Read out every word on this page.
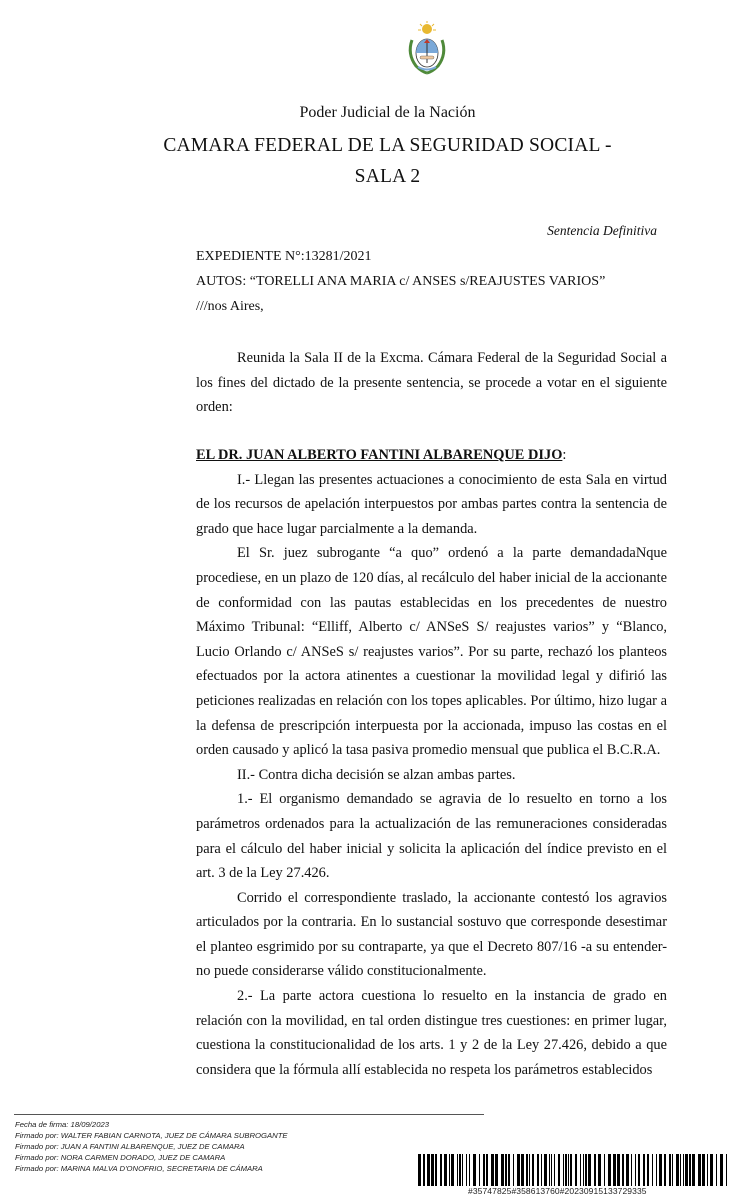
Poder Judicial de la Nación
CAMARA FEDERAL DE LA SEGURIDAD SOCIAL -
SALA 2
Sentencia Definitiva
EXPEDIENTE N°:13281/2021
AUTOS: “TORELLI ANA MARIA c/ ANSES s/REAJUSTES VARIOS”
///nos Aires,

Reunida la Sala II de la Excma. Cámara Federal de la Seguridad Social a los fines del dictado de la presente sentencia, se procede a votar en el siguiente orden:

EL DR. JUAN ALBERTO FANTINI ALBARENQUE DIJO:

I.- Llegan las presentes actuaciones a conocimiento de esta Sala en virtud de los recursos de apelación interpuestos por ambas partes contra la sentencia de grado que hace lugar parcialmente a la demanda.

El Sr. juez subrogante “a quo” ordenó a la parte demandadaNque procediese, en un plazo de 120 días, al recálculo del haber inicial de la accionante de conformidad con las pautas establecidas en los precedentes de nuestro Máximo Tribunal: “Elliff, Alberto c/ ANSeS S/ reajustes varios” y “Blanco, Lucio Orlando c/ ANSeS s/ reajustes varios”. Por su parte, rechazó los planteos efectuados por la actora atinentes a cuestionar la movilidad legal y difirió las peticiones realizadas en relación con los topes aplicables. Por último, hizo lugar a la defensa de prescripción interpuesta por la accionada, impuso las costas en el orden causado y aplicó la tasa pasiva promedio mensual que publica el B.C.R.A.

II.- Contra dicha decisión se alzan ambas partes.

1.- El organismo demandado se agravia de lo resuelto en torno a los parámetros ordenados para la actualización de las remuneraciones consideradas para el cálculo del haber inicial y solicita la aplicación del índice previsto en el art. 3 de la Ley 27.426.

Corrido el correspondiente traslado, la accionante contestó los agravios articulados por la contraria. En lo sustancial sostuvo que corresponde desestimar el planteo esgrimido por su contraparte, ya que el Decreto 807/16 -a su entender- no puede considerarse válido constitucionalmente.

2.- La parte actora cuestiona lo resuelto en la instancia de grado en relación con la movilidad, en tal orden distingue tres cuestiones: en primer lugar, cuestiona la constitucionalidad de los arts. 1 y 2 de la Ley 27.426, debido a que considera que la fórmula allí establecida no respeta los parámetros establecidos

Fecha de firma: 18/09/2023
Firmado por: WALTER FABIAN CARNOTA, JUEZ DE CÁMARA SUBROGANTE
Firmado por: JUAN A FANTINI ALBARENQUE, JUEZ DE CAMARA
Firmado por: NORA CARMEN DORADO, JUEZ DE CAMARA
Firmado por: MARINA MALVA D'ONOFRIO, SECRETARIA DE CÁMARA
#35747825#358613760#20230915133729335
